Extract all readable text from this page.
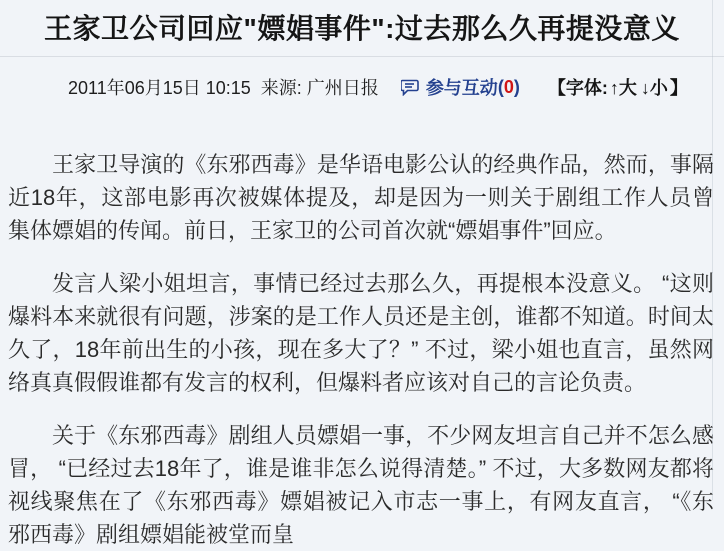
王家卫公司回应"嫖娼事件":过去那么久再提没意义
2011年06月15日 10:15 来源: 广州日报	参与互动 ( 0 ) 【字体: ↑大 ↓小 】

王家卫导演的《东邪西毒》是华语电影公认的经典作品，然而，事隔近18年，这部电影再次被媒体提及，却是因为一则关于剧组工作人员曾集体嫖娼的传闻。前日，王家卫的公司首次就“嫖娼事件”回应。

发言人梁小姐坦言，事情已经过去那么久，再提根本没意义。 “这则爆料本来就很有问题，涉案的是工作人员还是主创，谁都不知道。时间太久了，18年前出生的小孩，现在多大了？” 不过，梁小姐也直言，虽然网络真真假假谁都有发言的权利，但爆料者应该对自己的言论负责。

关于《东邪西毒》剧组人员嫖娼一事，不少网友坦言自己并不怎么感冒， “已经过去18年了，谁是谁非怎么说得清楚。” 不过，大多数网友都将视线聚焦在了《东邪西毒》嫖娼被记入市志一事上，有网友直言， “《东邪西毒》剧组嫖娼能被堂而皇
